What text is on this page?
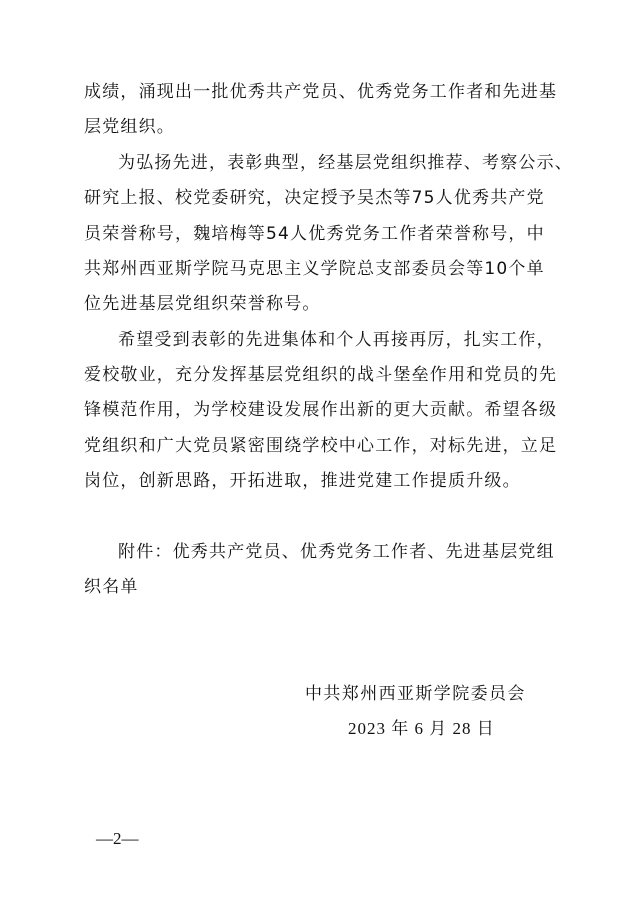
成绩，涌现出一批优秀共产党员、优秀党务工作者和先进基
层党组织。
为弘扬先进，表彰典型，经基层党组织推荐、考察公示、
研究上报、校党委研究，决定授予吴杰等75人优秀共产党
员荣誉称号，魏培梅等54人优秀党务工作者荣誉称号，中
共郑州西亚斯学院马克思主义学院总支部委员会等10个单
位先进基层党组织荣誉称号。
希望受到表彰的先进集体和个人再接再厉，扎实工作，
爱校敬业，充分发挥基层党组织的战斗堡垒作用和党员的先
锋模范作用，为学校建设发展作出新的更大贡献。希望各级
党组织和广大党员紧密围绕学校中心工作，对标先进，立足
岗位，创新思路，开拓进取，推进党建工作提质升级。
附件：优秀共产党员、优秀党务工作者、先进基层党组
织名单
中共郑州西亚斯学院委员会
2023 年 6 月 28 日
—2—
